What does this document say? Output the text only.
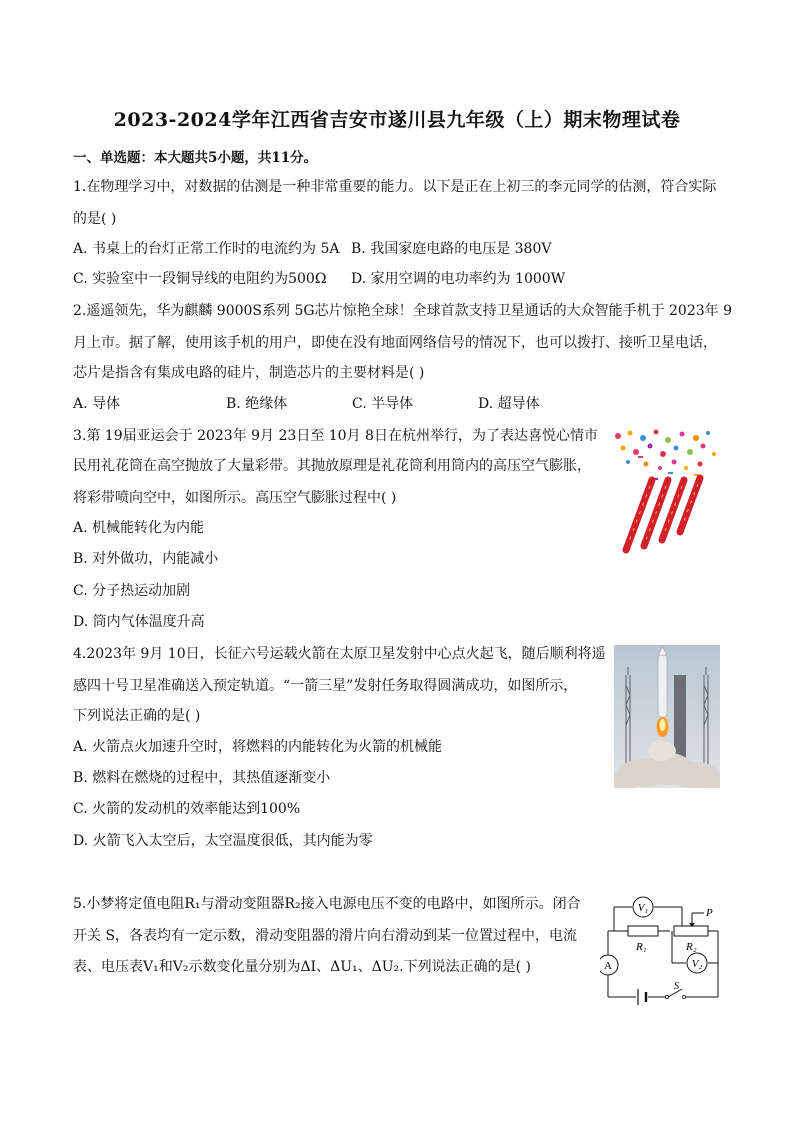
2023-2024学年江西省吉安市遂川县九年级（上）期末物理试卷
一、单选题：本大题共5小题，共11分。
1.在物理学习中，对数据的估测是一种非常重要的能力。以下是正在上初三的李元同学的估测，符合实际
的是( )
A. 书桌上的台灯正常工作时的电流约为 5A B. 我国家庭电路的电压是 380V
C. 实验室中一段铜导线的电阻约为500Ω D. 家用空调的电功率约为 1000W
2.遥遥领先，华为麒麟 9000S系列 5G芯片惊艳全球！全球首款支持卫星通话的大众智能手机于 2023年 9
月上市。据了解，使用该手机的用户，即使在没有地面网络信号的情况下，也可以拨打、接听卫星电话，
芯片是指含有集成电路的硅片，制造芯片的主要材料是( )
A. 导体	B. 绝缘体	C. 半导体	D. 超导体
3.第 19届亚运会于 2023年 9月 23日至 10月 8日在杭州举行，为了表达喜悦心情市
民用礼花筒在高空抛放了大量彩带。其抛放原理是礼花筒利用筒内的高压空气膨胀，
将彩带喷向空中，如图所示。高压空气膨胀过程中( )
A. 机械能转化为内能
B. 对外做功，内能减小
C. 分子热运动加剧
D. 筒内气体温度升高
4.2023年 9月 10日，长征六号运载火箭在太原卫星发射中心点火起飞，随后顺利将遥
感四十号卫星准确送入预定轨道。“一箭三星”发射任务取得圆满成功，如图所示，
下列说法正确的是( )
A. 火箭点火加速升空时，将燃料的内能转化为火箭的机械能
B. 燃料在燃烧的过程中，其热值逐渐变小
C. 火箭的发动机的效率能达到100%
D. 火箭飞入太空后，太空温度很低，其内能为零
5.小梦将定值电阻R₁与滑动变阻器R₂接入电源电压不变的电路中，如图所示。闭合
开关 S，各表均有一定示数，滑动变阻器的滑片向右滑动到某一位置过程中，电流
表、电压表V₁和V₂示数变化量分别为ΔI、ΔU₁、ΔU₂.下列说法正确的是( )
V₁
A	V₂
R₁	R₂
P
S
